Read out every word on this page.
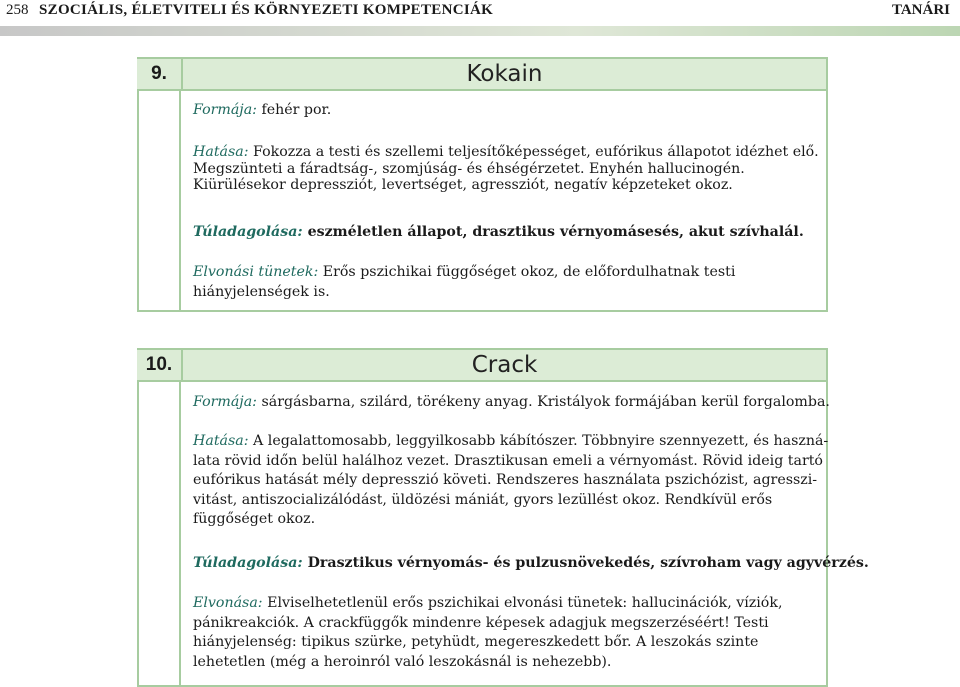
258 SZOCIÁLIS, ÉLETVITELI ÉS KÖRNYEZETI KOMPETENCIÁK	TANÁRI
9.	Kokain

Formája: fehér por.

Hatása: Fokozza a testi és szellemi teljesítőképességet, eufórikus állapotot idézhet elő.
Megszünteti a fáradtság-, szomjúság- és éhségérzetet. Enyhén hallucinogén.
Kiürülésekor depressziót, levertséget, agressziót, negatív képzeteket okoz.

Túladagolása: eszméletlen állapot, drasztikus vérnyomásesés, akut szívhalál.

Elvonási tünetek: Erős pszichikai függőséget okoz, de előfordulhatnak testi
hiányjelenségek is.

10.	Crack

Formája: sárgásbarna, szilárd, törékeny anyag. Kristályok formájában kerül forgalomba.

Hatása: A legalattomosabb, leggyilkosabb kábítószer. Többnyire szennyezett, és haszná-
lata rövid időn belül halálhoz vezet. Drasztikusan emeli a vérnyomást. Rövid ideig tartó
eufórikus hatását mély depresszió követi. Rendszeres használata pszichózist, agresszi-
vitást, antiszocializálódást, üldözési mániát, gyors lezüllést okoz. Rendkívül erős
függőséget okoz.

Túladagolása: Drasztikus vérnyomás- és pulzusnövekedés, szívroham vagy agyvérzés.

Elvonása: Elviselhetetlenül erős pszichikai elvonási tünetek: hallucinációk, víziók,
pánikreakciók. A crackfüggők mindenre képesek adagjuk megszerzéséért! Testi
hiányjelenség: tipikus szürke, petyhüdt, megereszkedett bőr. A leszokás szinte
lehetetlen (még a heroinról való leszokásnál is nehezebb).
